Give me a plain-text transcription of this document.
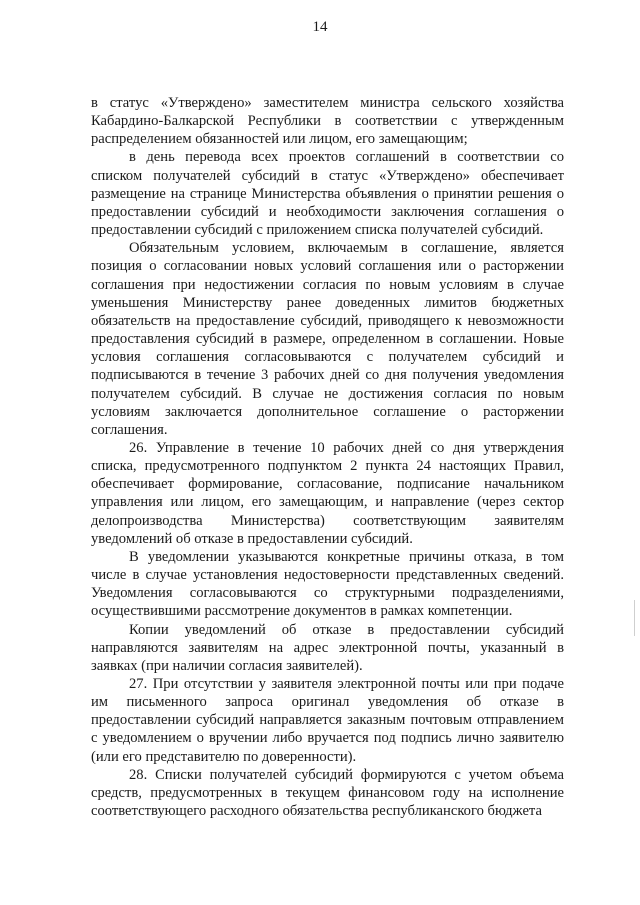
14

в статус «Утверждено» заместителем министра сельского хозяйства Кабардино-Балкарской Республики в соответствии с утвержденным распределением обязанностей или лицом, его замещающим;

в день перевода всех проектов соглашений в соответствии со списком получателей субсидий в статус «Утверждено» обеспечивает размещение на странице Министерства объявления о принятии решения о предоставлении субсидий и необходимости заключения соглашения о предоставлении субсидий с приложением списка получателей субсидий.

Обязательным условием, включаемым в соглашение, является позиция о согласовании новых условий соглашения или о расторжении соглашения при недостижении согласия по новым условиям в случае уменьшения Министерству ранее доведенных лимитов бюджетных обязательств на предоставление субсидий, приводящего к невозможности предоставления субсидий в размере, определенном в соглашении. Новые условия соглашения согласовываются с получателем субсидий и подписываются в течение 3 рабочих дней со дня получения уведомления получателем субсидий. В случае не достижения согласия по новым условиям заключается дополнительное соглашение о расторжении соглашения.

26. Управление в течение 10 рабочих дней со дня утверждения списка, предусмотренного подпунктом 2 пункта 24 настоящих Правил, обеспечивает формирование, согласование, подписание начальником управления или лицом, его замещающим, и направление (через сектор делопроизводства Министерства) соответствующим заявителям уведомлений об отказе в предоставлении субсидий.

В уведомлении указываются конкретные причины отказа, в том числе в случае установления недостоверности представленных сведений. Уведомления согласовываются со структурными подразделениями, осуществившими рассмотрение документов в рамках компетенции.

Копии уведомлений об отказе в предоставлении субсидий направляются заявителям на адрес электронной почты, указанный в заявках (при наличии согласия заявителей).

27. При отсутствии у заявителя электронной почты или при подаче им письменного запроса оригинал уведомления об отказе в предоставлении субсидий направляется заказным почтовым отправлением с уведомлением о вручении либо вручается под подпись лично заявителю (или его представителю по доверенности).

28. Списки получателей субсидий формируются с учетом объема средств, предусмотренных в текущем финансовом году на исполнение соответствующего расходного обязательства республиканского бюджета
